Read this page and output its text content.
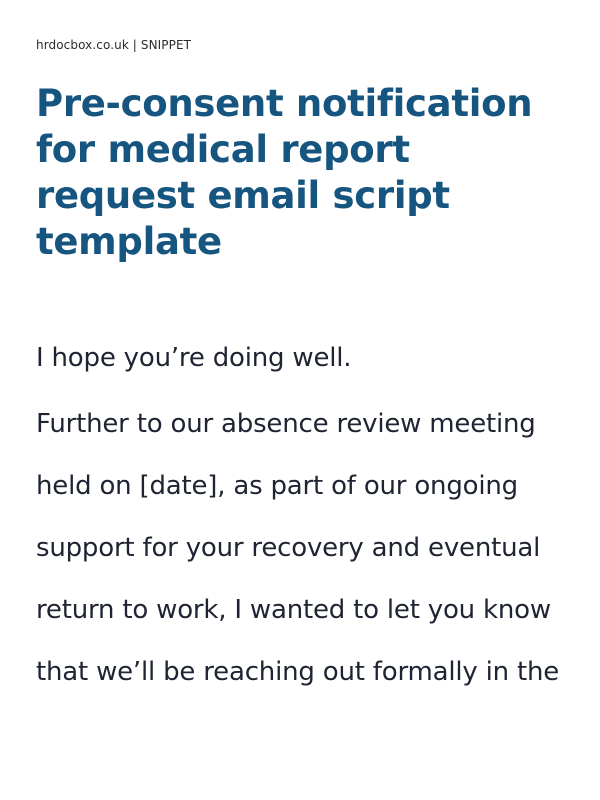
hrdocbox.co.uk | SNIPPET

Pre-consent notification for medical report request email script template

I hope you’re doing well.

Further to our absence review meeting held on [date], as part of our ongoing support for your recovery and eventual return to work, I wanted to let you know that we’ll be reaching out formally in the
